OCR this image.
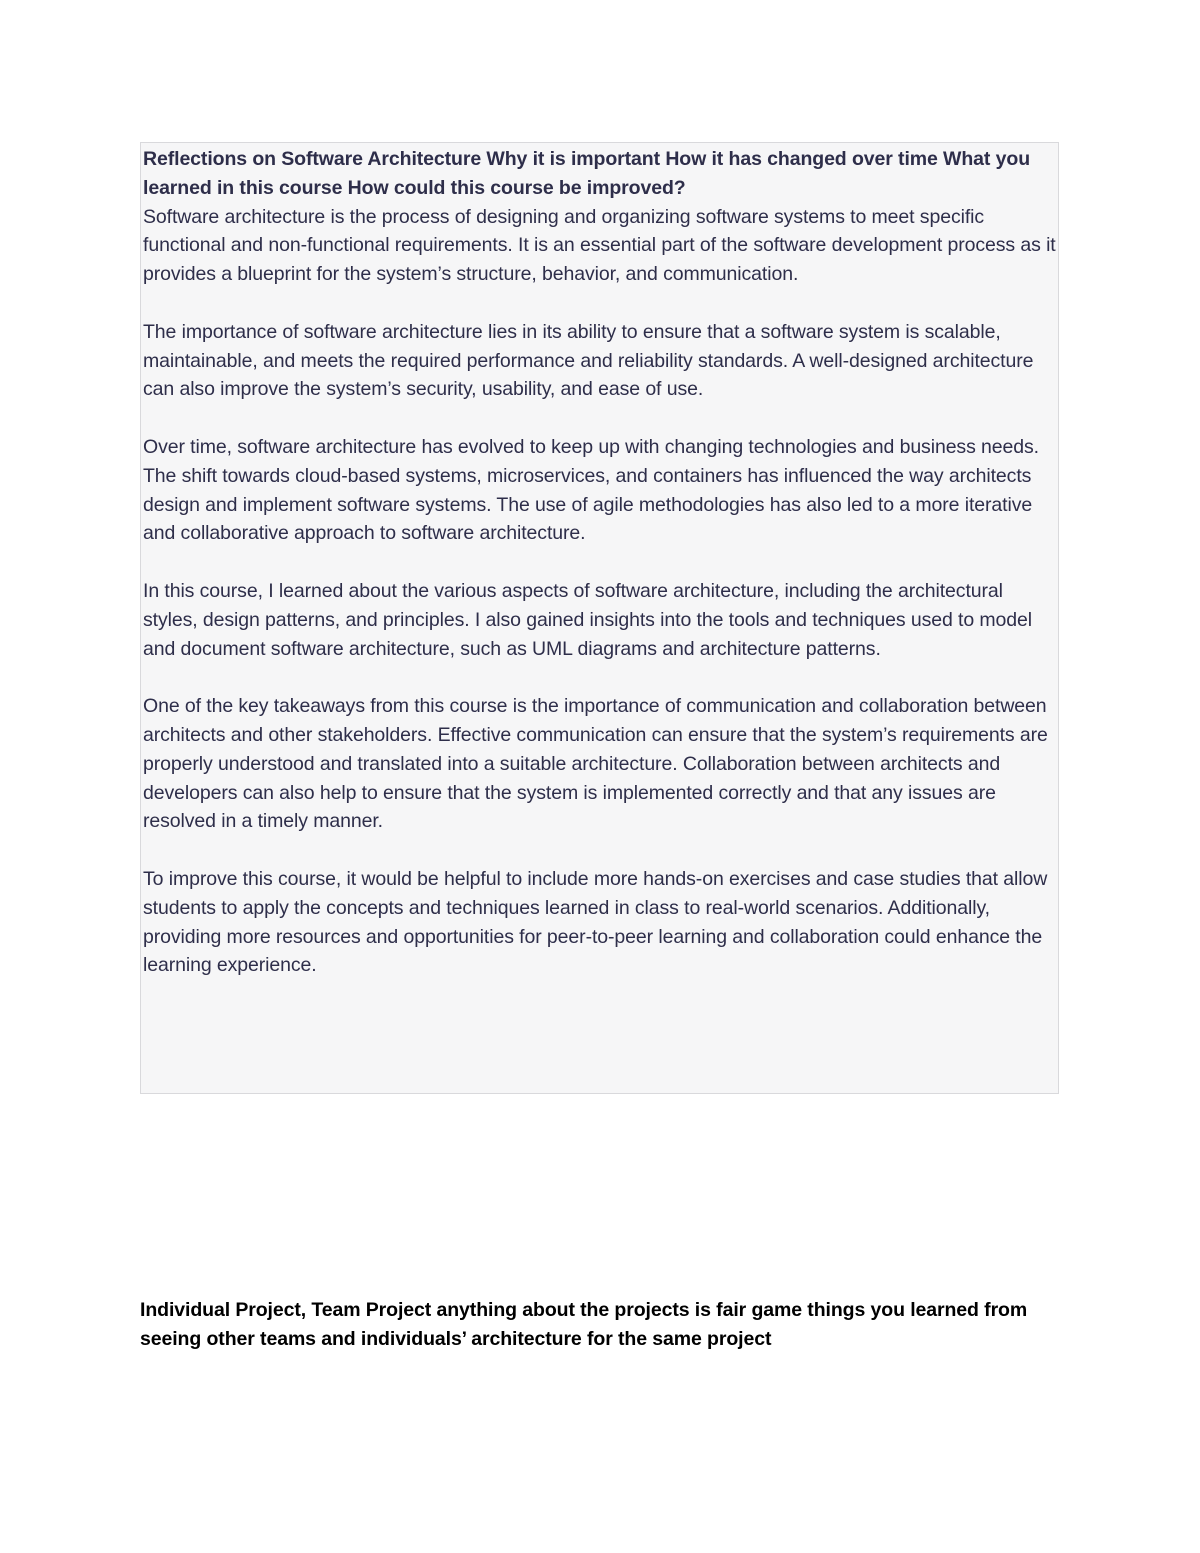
Reflections on Software Architecture Why it is important How it has changed over time What you learned in this course How could this course be improved?

Software architecture is the process of designing and organizing software systems to meet specific functional and non-functional requirements. It is an essential part of the software development process as it provides a blueprint for the system’s structure, behavior, and communication.

The importance of software architecture lies in its ability to ensure that a software system is scalable, maintainable, and meets the required performance and reliability standards. A well-designed architecture can also improve the system’s security, usability, and ease of use.

Over time, software architecture has evolved to keep up with changing technologies and business needs. The shift towards cloud-based systems, microservices, and containers has influenced the way architects design and implement software systems. The use of agile methodologies has also led to a more iterative and collaborative approach to software architecture.

In this course, I learned about the various aspects of software architecture, including the architectural styles, design patterns, and principles. I also gained insights into the tools and techniques used to model and document software architecture, such as UML diagrams and architecture patterns.

One of the key takeaways from this course is the importance of communication and collaboration between architects and other stakeholders. Effective communication can ensure that the system’s requirements are properly understood and translated into a suitable architecture. Collaboration between architects and developers can also help to ensure that the system is implemented correctly and that any issues are resolved in a timely manner.

To improve this course, it would be helpful to include more hands-on exercises and case studies that allow students to apply the concepts and techniques learned in class to real-world scenarios. Additionally, providing more resources and opportunities for peer-to-peer learning and collaboration could enhance the learning experience.

Individual Project, Team Project anything about the projects is fair game things you learned from seeing other teams and individuals’ architecture for the same project
